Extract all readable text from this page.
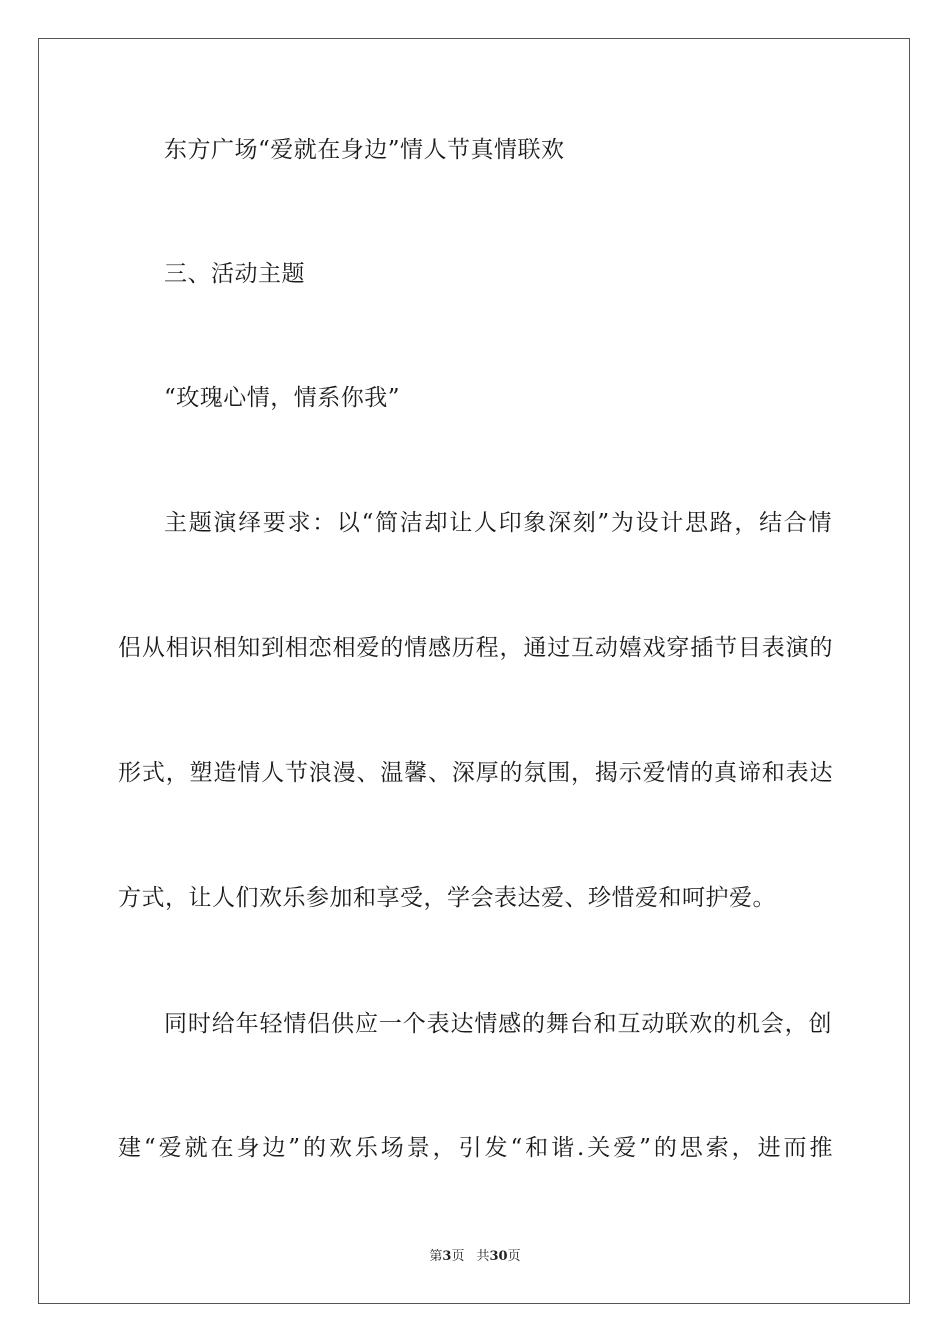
东方广场“爱就在身边”情人节真情联欢
三、活动主题
“玫瑰心情，情系你我”
主题演绎要求：以“简洁却让人印象深刻”为设计思路，结合情
侣从相识相知到相恋相爱的情感历程，通过互动嬉戏穿插节目表演的
形式，塑造情人节浪漫、温馨、深厚的氛围，揭示爱情的真谛和表达
方式，让人们欢乐参加和享受，学会表达爱、珍惜爱和呵护爱。
同时给年轻情侣供应一个表达情感的舞台和互动联欢的机会，创
建“爱就在身边”的欢乐场景，引发“和谐.关爱”的思索，进而推
第3页 共30页
